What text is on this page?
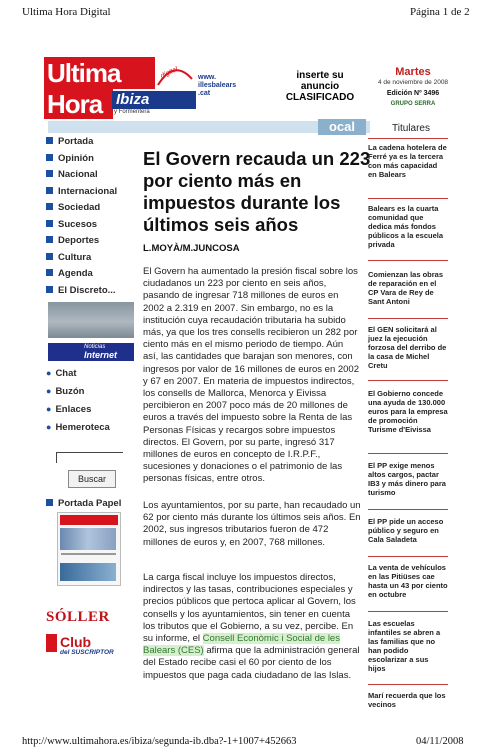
Ultima Hora Digital	Página 1 de 2
Ultima
Hora Ibiza
digital
y Formentera
www.
illesbalears
.cat
inserte su
anuncio
CLASIFICADO
Martes
4 de noviembre de 2008
Edición Nº 3496
GRUPO SERRA
ocal
Portada
Opinión
Nacional
Internacional
Sociedad
Sucesos
Deportes
Cultura
Agenda
El Discreto...
Noticias
Internet
● Chat
● Buzón
● Enlaces
● Hemeroteca
Buscar
Portada Papel
SÓLLER
Club
del SUSCRIPTOR
El Govern recauda un 223 por ciento más en impuestos durante los últimos seis años
L.MOYÀ/M.JUNCOSA
El Govern ha aumentado la presión fiscal sobre los ciudadanos un 223 por ciento en seis años, pasando de ingresar 718 millones de euros en 2002 a 2.319 en 2007. Sin embargo, no es la institución cuya recaudación tributaria ha subido más, ya que los tres consells recibieron un 282 por ciento más en el mismo periodo de tiempo. Aún así, las cantidades que barajan son menores, con ingresos por valor de 16 millones de euros en 2002 y 67 en 2007. En materia de impuestos indirectos, los consells de Mallorca, Menorca y Eivissa percibieron en 2007 poco más de 20 millones de euros a través del impuesto sobre la Renta de las Personas Físicas y recargos sobre impuestos directos. El Govern, por su parte, ingresó 317 millones de euros en concepto de I.R.P.F., sucesiones y donaciones o el patrimonio de las personas físicas, entre otros.
Los ayuntamientos, por su parte, han recaudado un 62 por ciento más durante los últimos seis años. En 2002, sus ingresos tributarios fueron de 472 millones de euros y, en 2007, 768 millones.
La carga fiscal incluye los impuestos directos, indirectos y las tasas, contribuciones especiales y precios públicos que pertoca aplicar al Govern, los consells y los ayuntamientos, sin tener en cuenta los tributos que el Gobierno, a su vez, percibe. En su informe, el Consell Econòmic i Social de les Balears (CES) afirma que la administración general del Estado recibe casi el 60 por ciento de los impuestos que paga cada ciudadano de las Islas.
Titulares
La cadena hotelera de Ferré ya es la tercera con más capacidad en Balears
Balears es la cuarta comunidad que dedica más fondos públicos a la escuela privada
Comienzan las obras de reparación en el CP Vara de Rey de Sant Antoni
El GEN solicitará al juez la ejecución forzosa del derribo de la casa de Michel Cretu
El Gobierno concede una ayuda de 130.000 euros para la empresa de promoción Turisme d'Eivissa
El PP exige menos altos cargos, pactar IB3 y más dinero para turismo
El PP pide un acceso público y seguro en Cala Saladeta
La venta de vehículos en las Pitiüses cae hasta un 43 por ciento en octubre
Las escuelas infantiles se abren a las familias que no han podido escolarizar a sus hijos
Marí recuerda que los vecinos
http://www.ultimahora.es/ibiza/segunda-ib.dba?-1+1007+452663	04/11/2008
